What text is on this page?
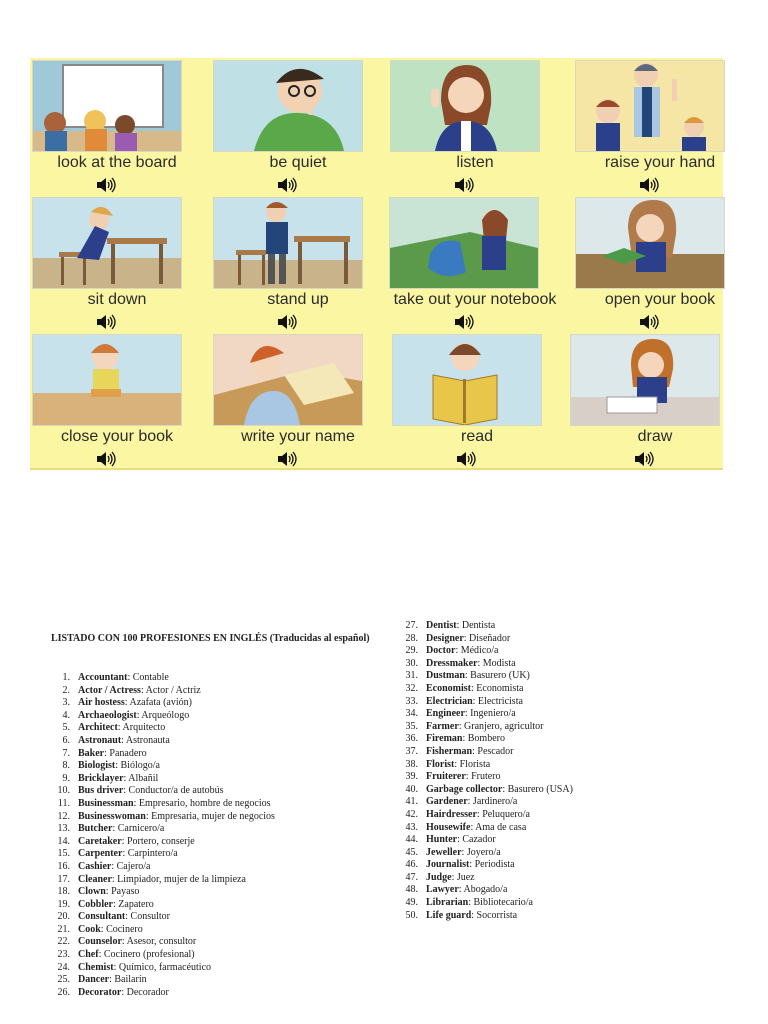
look at the board	be quiet	listen	raise your hand
sit down	stand up	take out your notebook	open your book
close your book	write your name	read	draw
LISTADO CON 100 PROFESIONES EN INGLÉS (Traducidas al español)
1. Accountant: Contable
2. Actor / Actress: Actor / Actriz
3. Air hostess: Azafata (avión)
4. Archaeologist: Arqueólogo
5. Architect: Arquitecto
6. Astronaut: Astronauta
7. Baker: Panadero
8. Biologist: Biólogo/a
9. Bricklayer: Albañil
10. Bus driver: Conductor/a de autobús
11. Businessman: Empresario, hombre de negocios
12. Businesswoman: Empresaria, mujer de negocios
13. Butcher: Carnicero/a
14. Caretaker: Portero, conserje
15. Carpenter: Carpintero/a
16. Cashier: Cajero/a
17. Cleaner: Limpiador, mujer de la limpieza
18. Clown: Payaso
19. Cobbler: Zapatero
20. Consultant: Consultor
21. Cook: Cocinero
22. Counselor: Asesor, consultor
23. Chef: Cocinero (profesional)
24. Chemist: Químico, farmacéutico
25. Dancer: Bailarín
26. Decorator: Decorador
27. Dentist: Dentista
28. Designer: Diseñador
29. Doctor: Médico/a
30. Dressmaker: Modista
31. Dustman: Basurero (UK)
32. Economist: Economista
33. Electrician: Electricista
34. Engineer: Ingeniero/a
35. Farmer: Granjero, agricultor
36. Fireman: Bombero
37. Fisherman: Pescador
38. Florist: Florista
39. Fruiterer: Frutero
40. Garbage collector: Basurero (USA)
41. Gardener: Jardinero/a
42. Hairdresser: Peluquero/a
43. Housewife: Ama de casa
44. Hunter: Cazador
45. Jeweller: Joyero/a
46. Journalist: Periodista
47. Judge: Juez
48. Lawyer: Abogado/a
49. Librarian: Bibliotecario/a
50. Life guard: Socorrista
